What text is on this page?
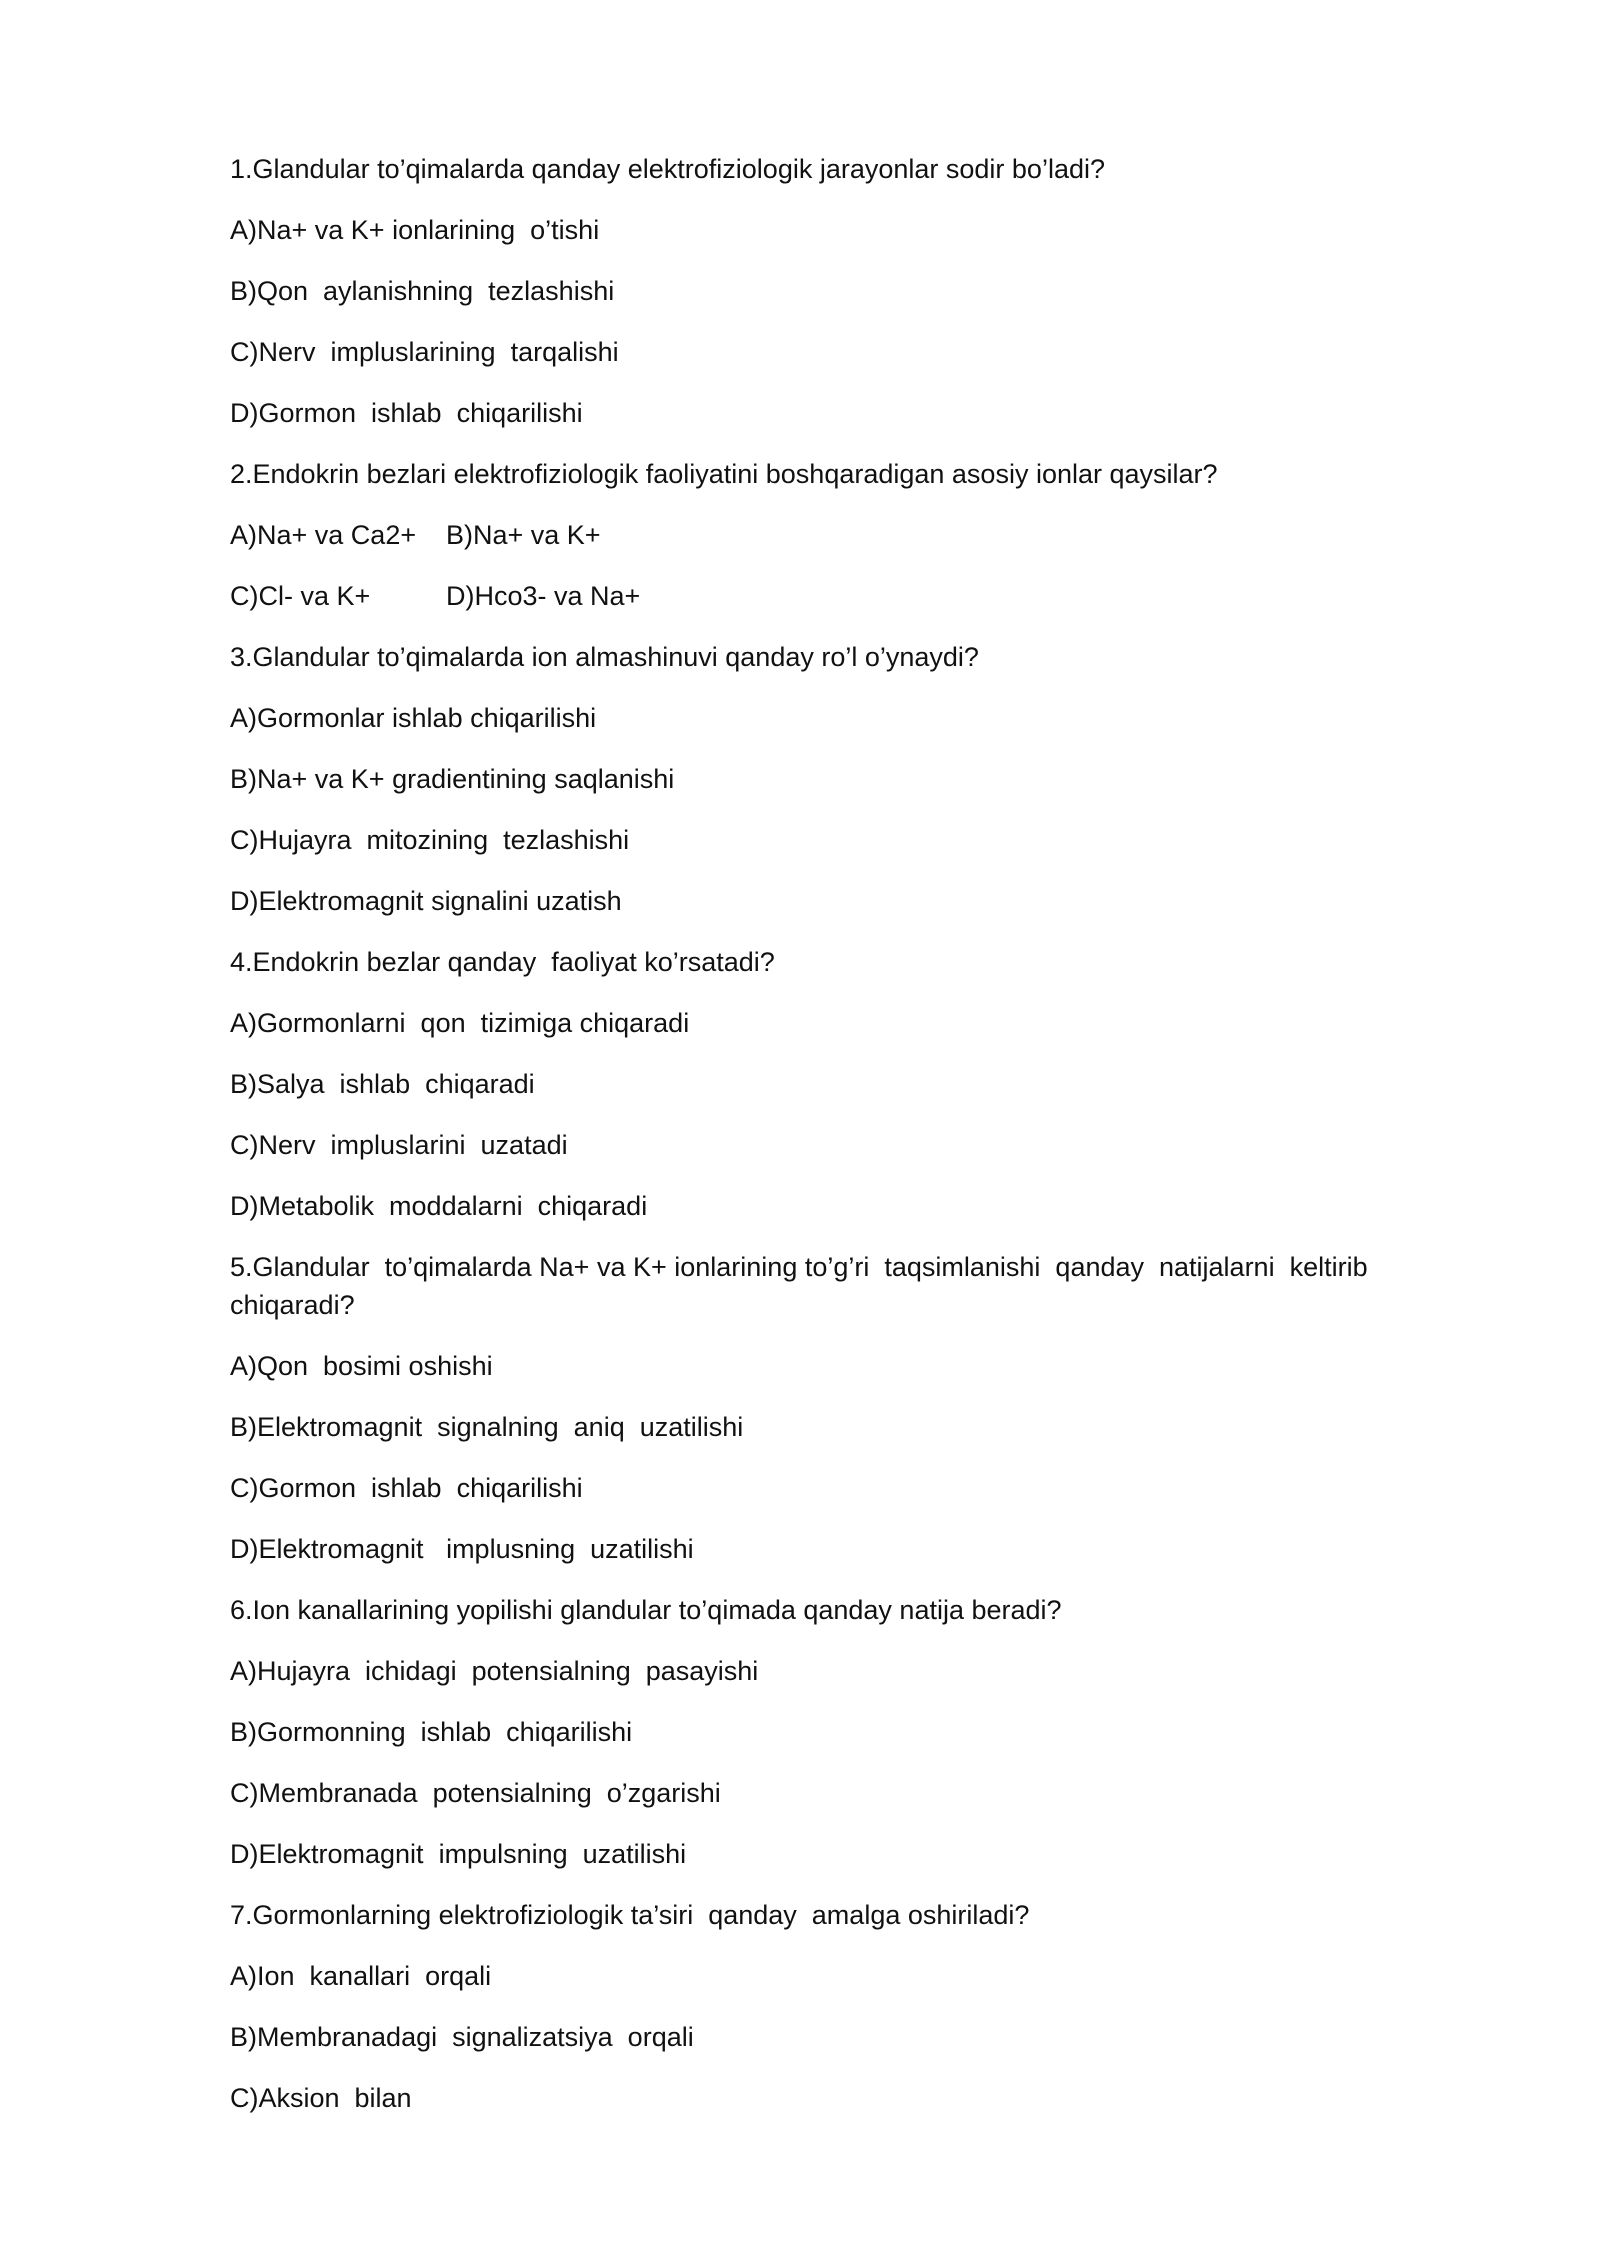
1.Glandular to’qimalarda qanday elektrofiziologik jarayonlar sodir bo’ladi?

A)Na+ va K+ ionlarining  o’tishi

B)Qon  aylanishning  tezlashishi

C)Nerv  impluslarining  tarqalishi

D)Gormon  ishlab  chiqarilishi

2.Endokrin bezlari elektrofiziologik faoliyatini boshqaradigan asosiy ionlar qaysilar?

A)Na+ va Ca2+	B)Na+ va K+
C)Cl- va K+	D)Hco3- va Na+

3.Glandular to’qimalarda ion almashinuvi qanday ro’l o’ynaydi?

A)Gormonlar ishlab chiqarilishi

B)Na+ va K+ gradientining saqlanishi

C)Hujayra  mitozining  tezlashishi

D)Elektromagnit signalini uzatish

4.Endokrin bezlar qanday  faoliyat ko’rsatadi?

A)Gormonlarni  qon  tizimiga chiqaradi

B)Salya  ishlab  chiqaradi

C)Nerv  impluslarini  uzatadi

D)Metabolik  moddalarni  chiqaradi

5.Glandular  to’qimalarda Na+ va K+ ionlarining to’g’ri  taqsimlanishi  qanday  natijalarni  keltirib chiqaradi?

A)Qon  bosimi oshishi

B)Elektromagnit  signalning  aniq  uzatilishi

C)Gormon  ishlab  chiqarilishi

D)Elektromagnit   implusning  uzatilishi

6.Ion kanallarining yopilishi glandular to’qimada qanday natija beradi?

A)Hujayra  ichidagi  potensialning  pasayishi

B)Gormonning  ishlab  chiqarilishi

C)Membranada  potensialning  o’zgarishi

D)Elektromagnit  impulsning  uzatilishi

7.Gormonlarning elektrofiziologik ta’siri  qanday  amalga oshiriladi?

A)Ion  kanallari  orqali

B)Membranadagi  signalizatsiya  orqali

C)Aksion  bilan
